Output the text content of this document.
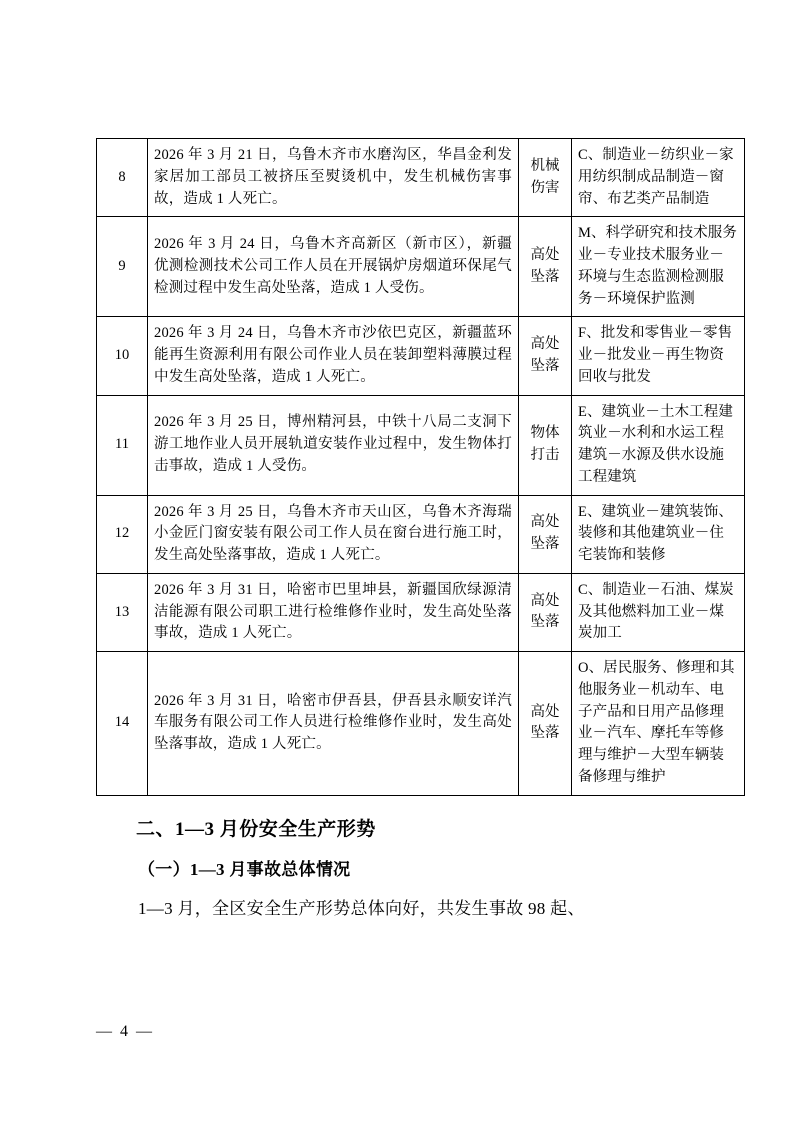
8	2026 年 3 月 21 日，乌鲁木齐市水磨沟区，华昌金利发家居加工部员工被挤压至熨烫机中，发生机械伤害事故，造成 1 人死亡。	机械伤害	C、制造业－纺织业－家用纺织制成品制造－窗帘、布艺类产品制造
9	2026 年 3 月 24 日，乌鲁木齐高新区（新市区），新疆优测检测技术公司工作人员在开展锅炉房烟道环保尾气检测过程中发生高处坠落，造成 1 人受伤。	高处坠落	M、科学研究和技术服务业－专业技术服务业－环境与生态监测检测服务－环境保护监测
10	2026 年 3 月 24 日，乌鲁木齐市沙依巴克区，新疆蓝环能再生资源利用有限公司作业人员在装卸塑料薄膜过程中发生高处坠落，造成 1 人死亡。	高处坠落	F、批发和零售业－零售业－批发业－再生物资回收与批发
11	2026 年 3 月 25 日，博州精河县，中铁十八局二支洞下游工地作业人员开展轨道安装作业过程中，发生物体打击事故，造成 1 人受伤。	物体打击	E、建筑业－土木工程建筑业－水利和水运工程建筑－水源及供水设施工程建筑
12	2026 年 3 月 25 日，乌鲁木齐市天山区，乌鲁木齐海瑞小金匠门窗安装有限公司工作人员在窗台进行施工时，发生高处坠落事故，造成 1 人死亡。	高处坠落	E、建筑业－建筑装饰、装修和其他建筑业－住宅装饰和装修
13	2026 年 3 月 31 日，哈密市巴里坤县，新疆国欣绿源清洁能源有限公司职工进行检维修作业时，发生高处坠落事故，造成 1 人死亡。	高处坠落	C、制造业－石油、煤炭及其他燃料加工业－煤炭加工
14	2026 年 3 月 31 日，哈密市伊吾县，伊吾县永顺安详汽车服务有限公司工作人员进行检维修作业时，发生高处坠落事故，造成 1 人死亡。	高处坠落	O、居民服务、修理和其他服务业－机动车、电子产品和日用产品修理业－汽车、摩托车等修理与维护－大型车辆装备修理与维护
二、1—3 月份安全生产形势
（一）1—3 月事故总体情况
1—3 月，全区安全生产形势总体向好，共发生事故 98 起、
— 4 —
